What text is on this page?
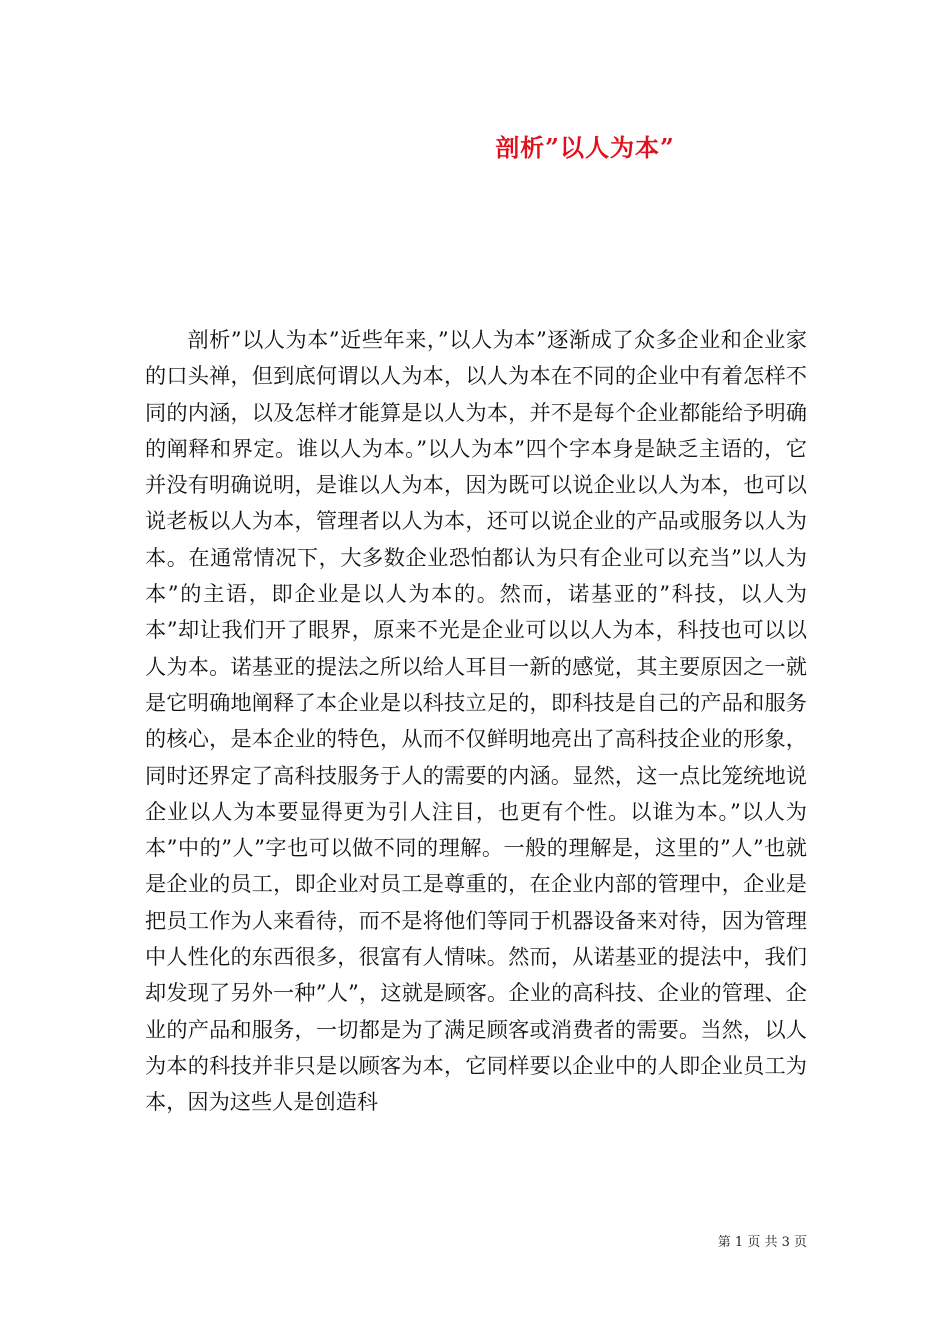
剖析”以人为本”

剖析”以人为本”近些年来，”以人为本”逐渐成了众多企业和企业家的口头禅，但到底何谓以人为本，以人为本在不同的企业中有着怎样不同的内涵，以及怎样才能算是以人为本，并不是每个企业都能给予明确的阐释和界定。谁以人为本。”以人为本”四个字本身是缺乏主语的，它并没有明确说明，是谁以人为本，因为既可以说企业以人为本，也可以说老板以人为本，管理者以人为本，还可以说企业的产品或服务以人为本。在通常情况下，大多数企业恐怕都认为只有企业可以充当”以人为本”的主语，即企业是以人为本的。然而，诺基亚的”科技，以人为本”却让我们开了眼界，原来不光是企业可以以人为本，科技也可以以人为本。诺基亚的提法之所以给人耳目一新的感觉，其主要原因之一就是它明确地阐释了本企业是以科技立足的，即科技是自己的产品和服务的核心，是本企业的特色，从而不仅鲜明地亮出了高科技企业的形象，同时还界定了高科技服务于人的需要的内涵。显然，这一点比笼统地说企业以人为本要显得更为引人注目，也更有个性。以谁为本。”以人为本”中的”人”字也可以做不同的理解。一般的理解是，这里的”人”也就是企业的员工，即企业对员工是尊重的，在企业内部的管理中，企业是把员工作为人来看待，而不是将他们等同于机器设备来对待，因为管理中人性化的东西很多，很富有人情味。然而，从诺基亚的提法中，我们却发现了另外一种”人”，这就是顾客。企业的高科技、企业的管理、企业的产品和服务，一切都是为了满足顾客或消费者的需要。当然，以人为本的科技并非只是以顾客为本，它同样要以企业中的人即企业员工为本，因为这些人是创造科

第 1 页 共 3 页
